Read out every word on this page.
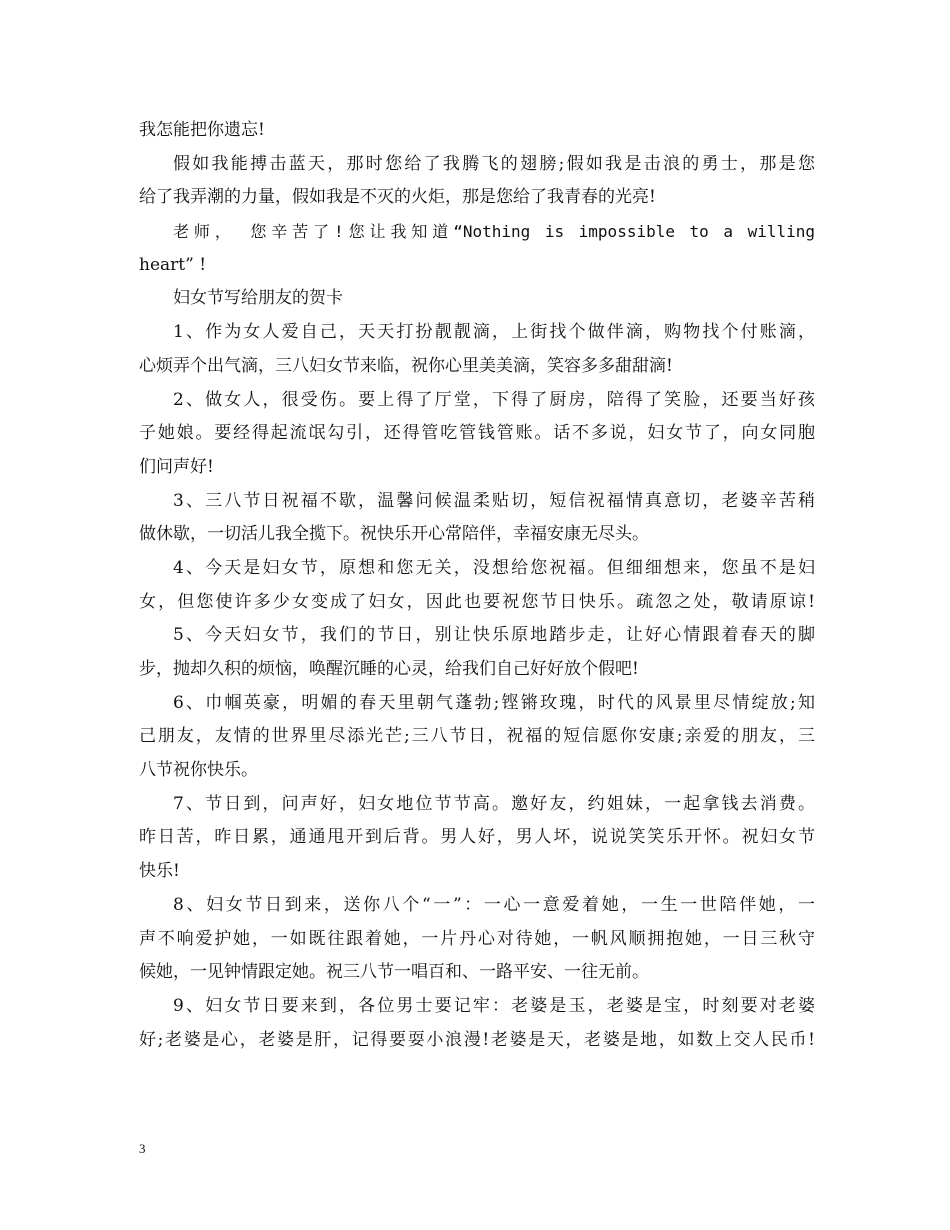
我怎能把你遗忘!
假如我能搏击蓝天，那时您给了我腾飞的翅膀;假如我是击浪的勇士，那是您
给了我弄潮的力量，假如我是不灭的火炬，那是您给了我青春的光亮!
老师， 您辛苦了!您让我知道“Nothing is impossible to a willing
heart” !
妇女节写给朋友的贺卡
1、作为女人爱自己，天天打扮靓靓滴，上街找个做伴滴，购物找个付账滴，
心烦弄个出气滴，三八妇女节来临，祝你心里美美滴，笑容多多甜甜滴!
2、做女人，很受伤。要上得了厅堂，下得了厨房，陪得了笑脸，还要当好孩
子她娘。要经得起流氓勾引，还得管吃管钱管账。话不多说，妇女节了，向女同胞
们问声好!
3、三八节日祝福不歇，温馨问候温柔贴切，短信祝福情真意切，老婆辛苦稍
做休歇，一切活儿我全揽下。祝快乐开心常陪伴，幸福安康无尽头。
4、今天是妇女节，原想和您无关，没想给您祝福。但细细想来，您虽不是妇
女，但您使许多少女变成了妇女，因此也要祝您节日快乐。疏忽之处，敬请原谅!
5、今天妇女节，我们的节日，别让快乐原地踏步走，让好心情跟着春天的脚
步，抛却久积的烦恼，唤醒沉睡的心灵，给我们自己好好放个假吧!
6、巾帼英豪，明媚的春天里朝气蓬勃;铿锵玫瑰，时代的风景里尽情绽放;知
己朋友，友情的世界里尽添光芒;三八节日，祝福的短信愿你安康;亲爱的朋友，三
八节祝你快乐。
7、节日到，问声好，妇女地位节节高。邀好友，约姐妹，一起拿钱去消费。
昨日苦，昨日累，通通甩开到后背。男人好，男人坏，说说笑笑乐开怀。祝妇女节
快乐!
8、妇女节日到来，送你八个“一”：一心一意爱着她，一生一世陪伴她，一
声不响爱护她，一如既往跟着她，一片丹心对待她，一帆风顺拥抱她，一日三秋守
候她，一见钟情跟定她。祝三八节一唱百和、一路平安、一往无前。
9、妇女节日要来到，各位男士要记牢：老婆是玉，老婆是宝，时刻要对老婆
好;老婆是心，老婆是肝，记得要耍小浪漫!老婆是天，老婆是地，如数上交人民币!
3
